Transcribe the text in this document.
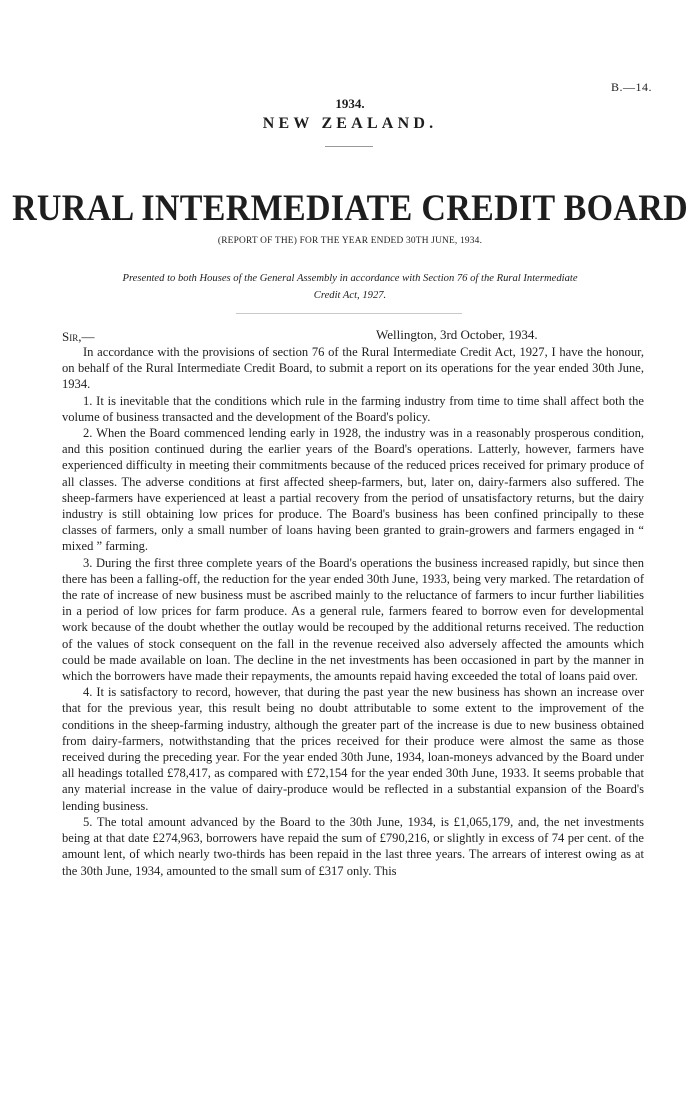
B.—14.
1934.
NEW ZEALAND.
RURAL INTERMEDIATE CREDIT BOARD
(REPORT OF THE) FOR THE YEAR ENDED 30TH JUNE, 1934.
Presented to both Houses of the General Assembly in accordance with Section 76 of the Rural Intermediate Credit Act, 1927.
Sir,—	Wellington, 3rd October, 1934.

In accordance with the provisions of section 76 of the Rural Intermediate Credit Act, 1927, I have the honour, on behalf of the Rural Intermediate Credit Board, to submit a report on its operations for the year ended 30th June, 1934.

1. It is inevitable that the conditions which rule in the farming industry from time to time shall affect both the volume of business transacted and the development of the Board's policy.

2. When the Board commenced lending early in 1928, the industry was in a reasonably prosperous condition, and this position continued during the earlier years of the Board's operations. Latterly, however, farmers have experienced difficulty in meeting their commitments because of the reduced prices received for primary produce of all classes. The adverse conditions at first affected sheep-farmers, but, later on, dairy-farmers also suffered. The sheep-farmers have experienced at least a partial recovery from the period of unsatisfactory returns, but the dairy industry is still obtaining low prices for produce. The Board's business has been confined principally to these classes of farmers, only a small number of loans having been granted to grain-growers and farmers engaged in “ mixed ” farming.

3. During the first three complete years of the Board's operations the business increased rapidly, but since then there has been a falling-off, the reduction for the year ended 30th June, 1933, being very marked. The retardation of the rate of increase of new business must be ascribed mainly to the reluctance of farmers to incur further liabilities in a period of low prices for farm produce. As a general rule, farmers feared to borrow even for developmental work because of the doubt whether the outlay would be recouped by the additional returns received. The reduction of the values of stock consequent on the fall in the revenue received also adversely affected the amounts which could be made available on loan. The decline in the net investments has been occasioned in part by the manner in which the borrowers have made their repayments, the amounts repaid having exceeded the total of loans paid over.

4. It is satisfactory to record, however, that during the past year the new business has shown an increase over that for the previous year, this result being no doubt attributable to some extent to the improvement of the conditions in the sheep-farming industry, although the greater part of the increase is due to new business obtained from dairy-farmers, notwithstanding that the prices received for their produce were almost the same as those received during the preceding year. For the year ended 30th June, 1934, loan-moneys advanced by the Board under all headings totalled £78,417, as compared with £72,154 for the year ended 30th June, 1933. It seems probable that any material increase in the value of dairy-produce would be reflected in a substantial expansion of the Board's lending business.

5. The total amount advanced by the Board to the 30th June, 1934, is £1,065,179, and, the net investments being at that date £274,963, borrowers have repaid the sum of £790,216, or slightly in excess of 74 per cent. of the amount lent, of which nearly two-thirds has been repaid in the last three years. The arrears of interest owing as at the 30th June, 1934, amounted to the small sum of £317 only. This
